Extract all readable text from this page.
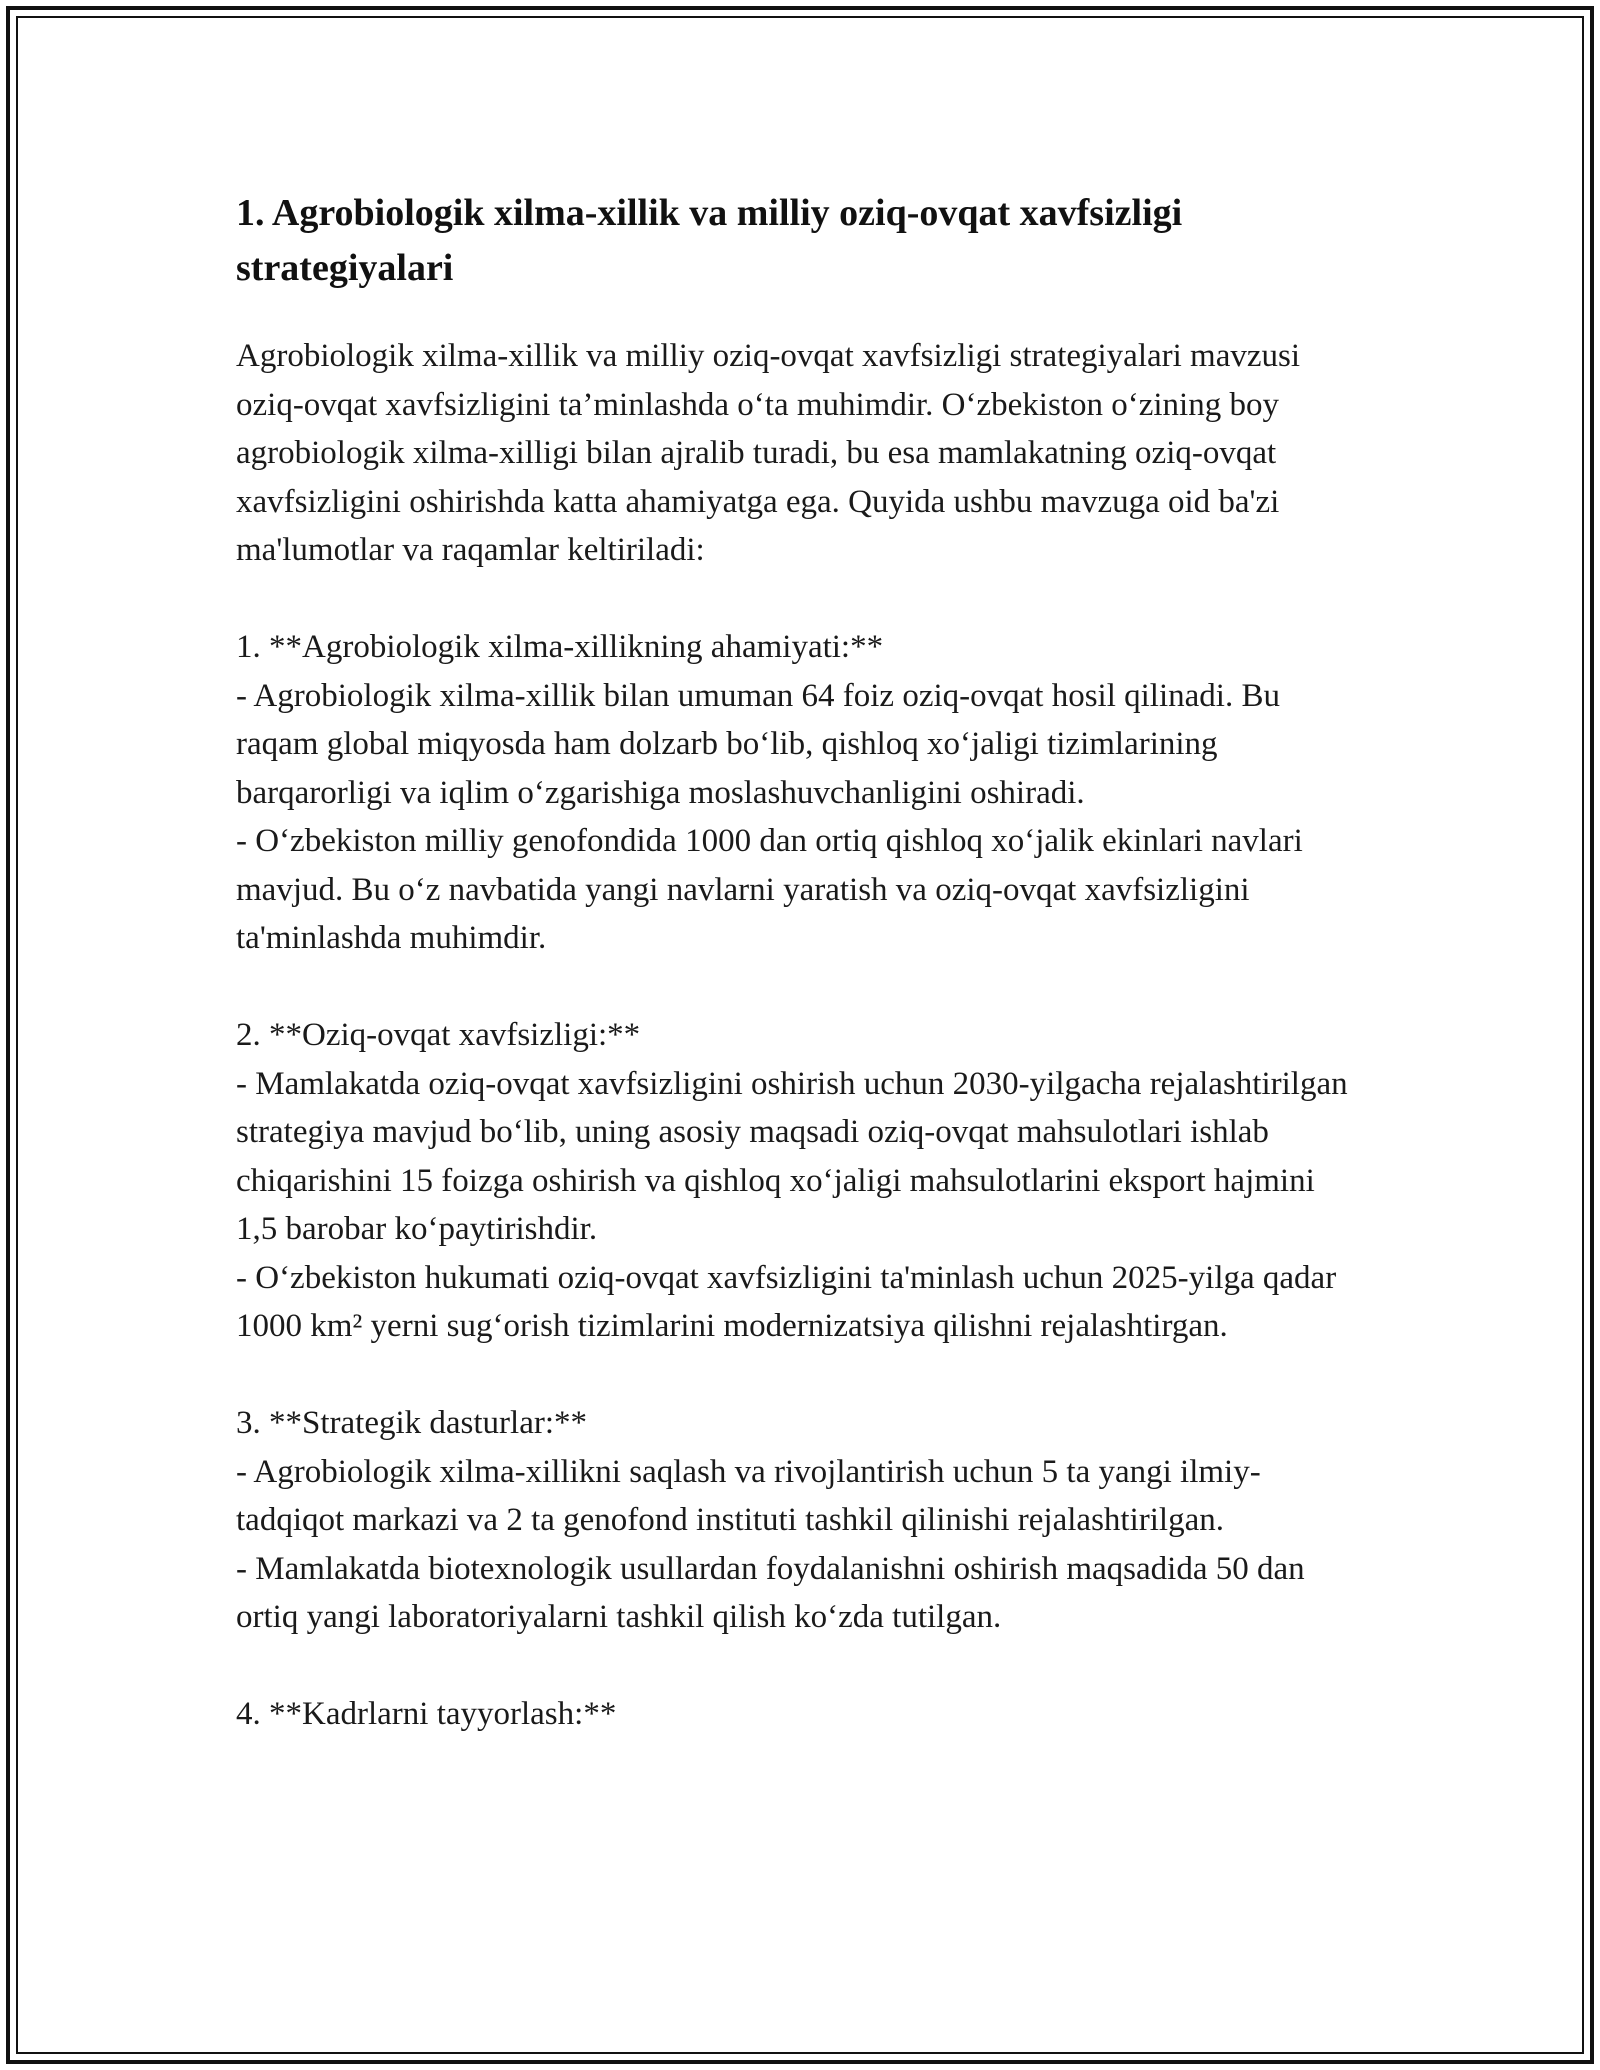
1. Agrobiologik xilma-xillik va milliy oziq-ovqat xavfsizligi strategiyalari

Agrobiologik xilma-xillik va milliy oziq-ovqat xavfsizligi strategiyalari mavzusi oziq-ovqat xavfsizligini ta’minlashda o‘ta muhimdir. O‘zbekiston o‘zining boy agrobiologik xilma-xilligi bilan ajralib turadi, bu esa mamlakatning oziq-ovqat xavfsizligini oshirishda katta ahamiyatga ega. Quyida ushbu mavzuga oid ba'zi ma'lumotlar va raqamlar keltiriladi:

1. **Agrobiologik xilma-xillikning ahamiyati:**

- Agrobiologik xilma-xillik bilan umuman 64 foiz oziq-ovqat hosil qilinadi. Bu raqam global miqyosda ham dolzarb bo‘lib, qishloq xo‘jaligi tizimlarining barqarorligi va iqlim o‘zgarishiga moslashuvchanligini oshiradi.

- O‘zbekiston milliy genofondida 1000 dan ortiq qishloq xo‘jalik ekinlari navlari mavjud. Bu o‘z navbatida yangi navlarni yaratish va oziq-ovqat xavfsizligini ta'minlashda muhimdir.

2. **Oziq-ovqat xavfsizligi:**

- Mamlakatda oziq-ovqat xavfsizligini oshirish uchun 2030-yilgacha rejalashtirilgan strategiya mavjud bo‘lib, uning asosiy maqsadi oziq-ovqat mahsulotlari ishlab chiqarishini 15 foizga oshirish va qishloq xo‘jaligi mahsulotlarini eksport hajmini 1,5 barobar ko‘paytirishdir.

- O‘zbekiston hukumati oziq-ovqat xavfsizligini ta'minlash uchun 2025-yilga qadar 1000 km² yerni sug‘orish tizimlarini modernizatsiya qilishni rejalashtirgan.

3. **Strategik dasturlar:**

- Agrobiologik xilma-xillikni saqlash va rivojlantirish uchun 5 ta yangi ilmiy-tadqiqot markazi va 2 ta genofond instituti tashkil qilinishi rejalashtirilgan.

- Mamlakatda biotexnologik usullardan foydalanishni oshirish maqsadida 50 dan ortiq yangi laboratoriyalarni tashkil qilish ko‘zda tutilgan.

4. **Kadrlarni tayyorlash:**
